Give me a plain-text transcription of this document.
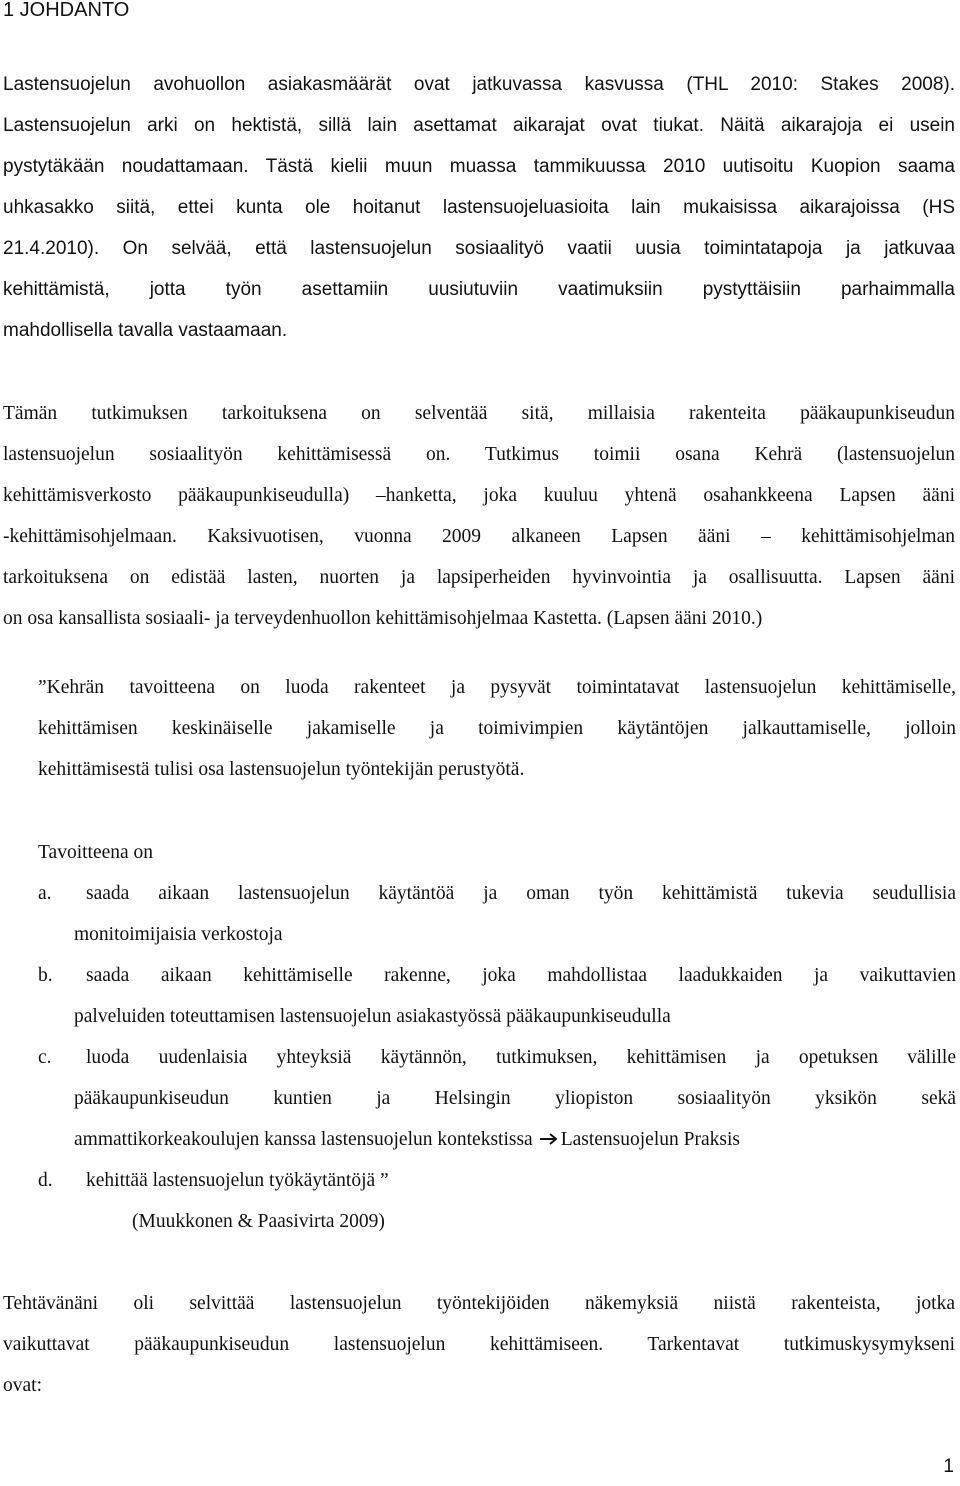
1 JOHDANTO
Lastensuojelun avohuollon asiakasmäärät ovat jatkuvassa kasvussa (THL 2010: Stakes 2008).
Lastensuojelun arki on hektistä, sillä lain asettamat aikarajat ovat tiukat. Näitä aikarajoja ei usein
pystytäkään noudattamaan. Tästä kielii muun muassa tammikuussa 2010 uutisoitu Kuopion saama
uhkasakko siitä, ettei kunta ole hoitanut lastensuojeluasioita lain mukaisissa aikarajoissa (HS
21.4.2010). On selvää, että lastensuojelun sosiaalityö vaatii uusia toimintatapoja ja jatkuvaa
kehittämistä, jotta työn asettamiin uusiutuviin vaatimuksiin pystyttäisiin parhaimmalla
mahdollisella tavalla vastaamaan.
Tämän tutkimuksen tarkoituksena on selventää sitä, millaisia rakenteita pääkaupunkiseudun
lastensuojelun sosiaalityön kehittämisessä on. Tutkimus toimii osana Kehrä (lastensuojelun
kehittämisverkosto pääkaupunkiseudulla) –hanketta, joka kuuluu yhtenä osahankkeena Lapsen ääni
-kehittämisohjelmaan. Kaksivuotisen, vuonna 2009 alkaneen Lapsen ääni – kehittämisohjelman
tarkoituksena on edistää lasten, nuorten ja lapsiperheiden hyvinvointia ja osallisuutta. Lapsen ääni
on osa kansallista sosiaali- ja terveydenhuollon kehittämisohjelmaa Kastetta. (Lapsen ääni 2010.)
”Kehrän tavoitteena on luoda rakenteet ja pysyvät toimintatavat lastensuojelun kehittämiselle,
kehittämisen keskinäiselle jakamiselle ja toimivimpien käytäntöjen jalkauttamiselle, jolloin
kehittämisestä tulisi osa lastensuojelun työntekijän perustyötä.

Tavoitteena on

a.	saada aikaan lastensuojelun käytäntöä ja oman työn kehittämistä tukevia seudullisia
monitoimijaisia verkostoja
b.	saada aikaan kehittämiselle rakenne, joka mahdollistaa laadukkaiden ja vaikuttavien
palveluiden toteuttamisen lastensuojelun asiakastyössä pääkaupunkiseudulla
c.	luoda uudenlaisia yhteyksiä käytännön, tutkimuksen, kehittämisen ja opetuksen välille
pääkaupunkiseudun kuntien ja Helsingin yliopiston sosiaalityön yksikön sekä
ammattikorkeakoulujen kanssa lastensuojelun kontekstissa Lastensuojelun Praksis
d.	kehittää lastensuojelun työkäytäntöjä ”

(Muukkonen & Paasivirta 2009)

Tehtävänäni oli selvittää lastensuojelun työntekijöiden näkemyksiä niistä rakenteista, jotka
vaikuttavat pääkaupunkiseudun lastensuojelun kehittämiseen. Tarkentavat tutkimuskysymykseni
ovat:
1
